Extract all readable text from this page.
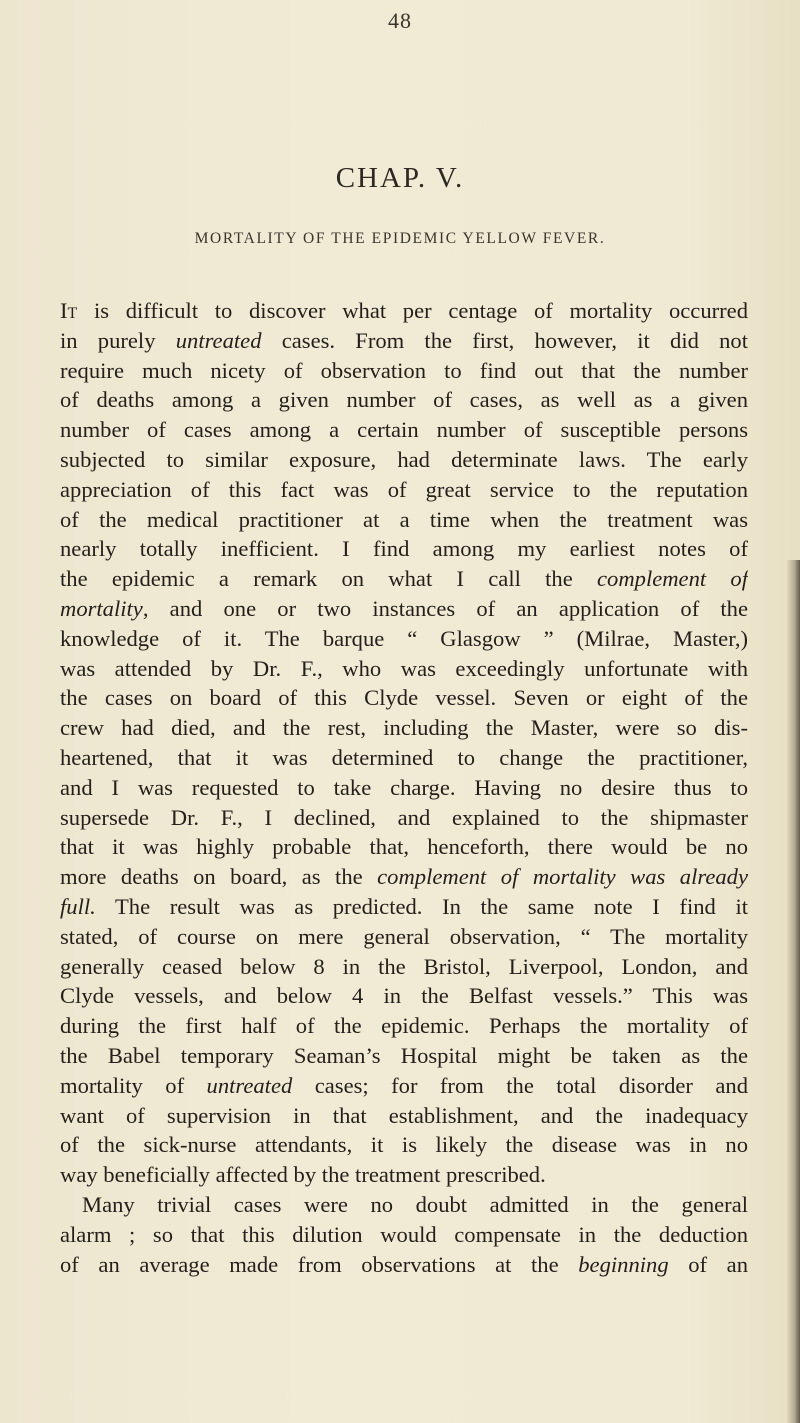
48
CHAP. V.
MORTALITY OF THE EPIDEMIC YELLOW FEVER.
It is difficult to discover what per centage of mortality occurred
in purely untreated cases. From the first, however, it did not
require much nicety of observation to find out that the number
of deaths among a given number of cases, as well as a given
number of cases among a certain number of susceptible persons
subjected to similar exposure, had determinate laws. The early
appreciation of this fact was of great service to the reputation
of the medical practitioner at a time when the treatment was
nearly totally inefficient. I find among my earliest notes of
the epidemic a remark on what I call the complement of
mortality, and one or two instances of an application of the
knowledge of it. The barque “ Glasgow ” (Milrae, Master,)
was attended by Dr. F., who was exceedingly unfortunate with
the cases on board of this Clyde vessel. Seven or eight of the
crew had died, and the rest, including the Master, were so dis-
heartened, that it was determined to change the practitioner,
and I was requested to take charge. Having no desire thus to
supersede Dr. F., I declined, and explained to the shipmaster
that it was highly probable that, henceforth, there would be no
more deaths on board, as the complement of mortality was already
full. The result was as predicted. In the same note I find it
stated, of course on mere general observation, “ The mortality
generally ceased below 8 in the Bristol, Liverpool, London, and
Clyde vessels, and below 4 in the Belfast vessels.” This was
during the first half of the epidemic. Perhaps the mortality of
the Babel temporary Seaman’s Hospital might be taken as the
mortality of untreated cases; for from the total disorder and
want of supervision in that establishment, and the inadequacy
of the sick-nurse attendants, it is likely the disease was in no
way beneficially affected by the treatment prescribed.
Many trivial cases were no doubt admitted in the general
alarm ; so that this dilution would compensate in the deduction
of an average made from observations at the beginning of an
